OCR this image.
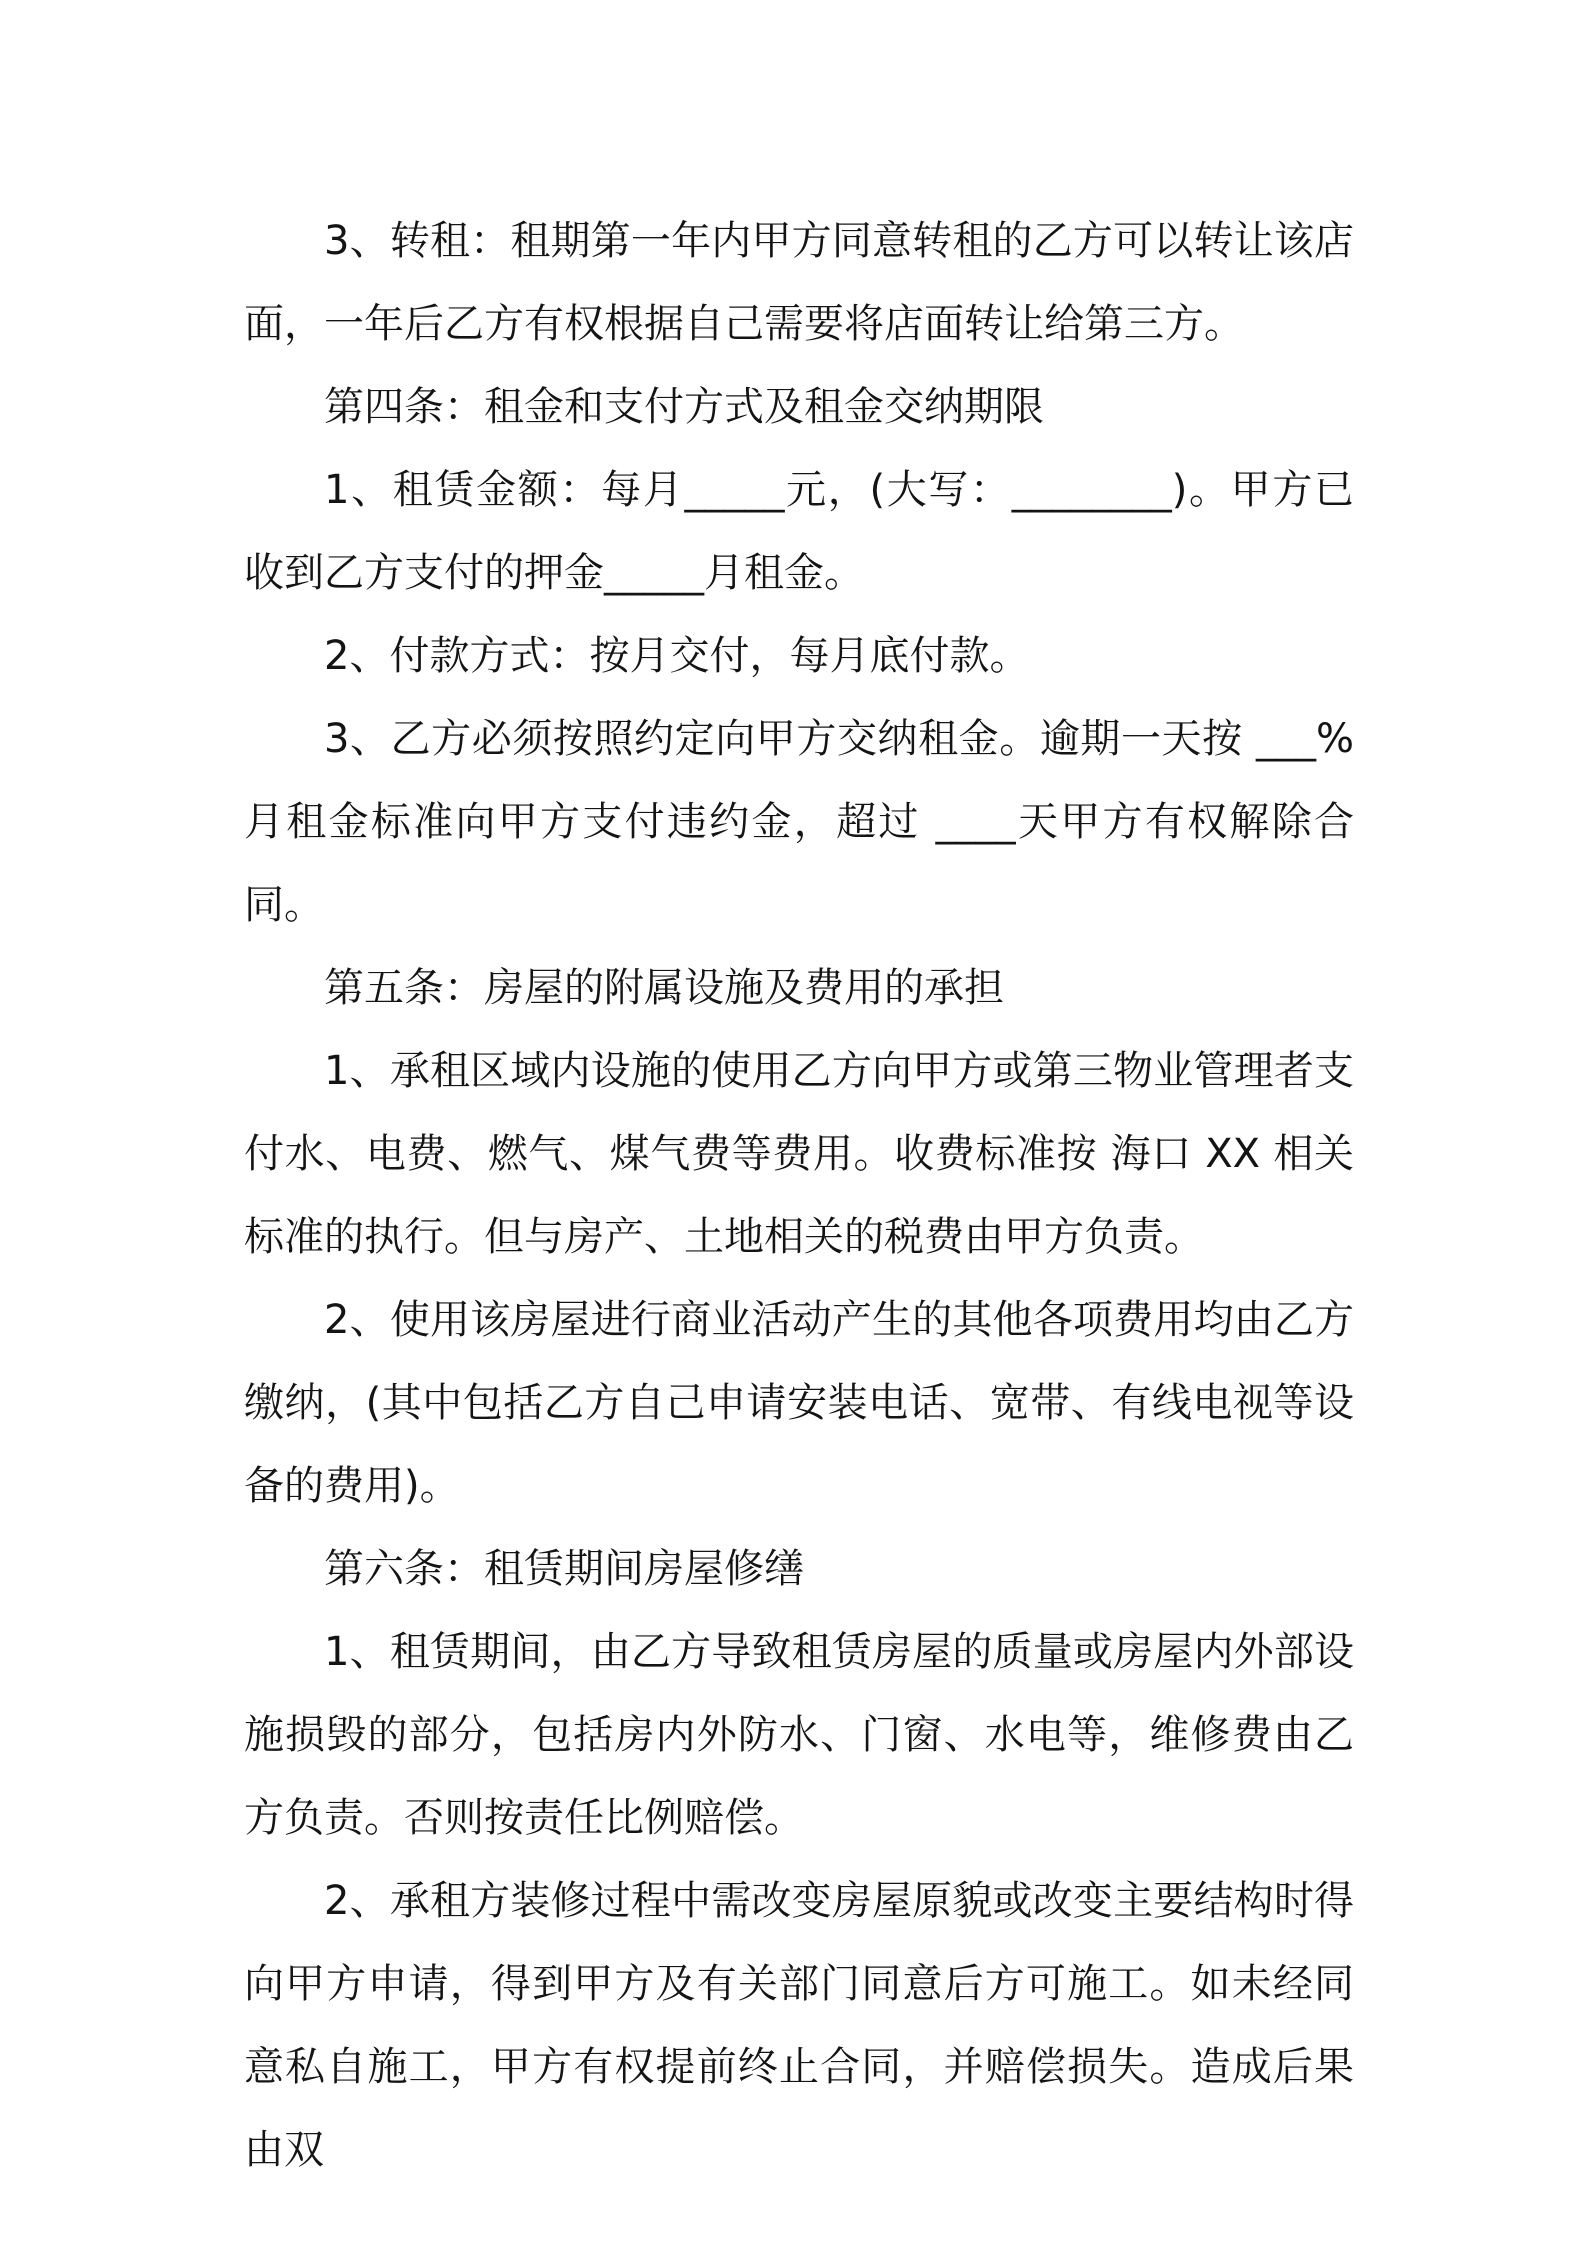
3、转租：租期第一年内甲方同意转租的乙方可以转让该店面，一年后乙方有权根据自己需要将店面转让给第三方。

第四条：租金和支付方式及租金交纳期限

1、租赁金额：每月_____元，(大写：________)。甲方已收到乙方支付的押金_____月租金。

2、付款方式：按月交付，每月底付款。

3、乙方必须按照约定向甲方交纳租金。逾期一天按 ___%月租金标准向甲方支付违约金，超过 ____天甲方有权解除合同。

第五条：房屋的附属设施及费用的承担

1、承租区域内设施的使用乙方向甲方或第三物业管理者支付水、电费、燃气、煤气费等费用。收费标准按 海口 XX 相关标准的执行。但与房产、土地相关的税费由甲方负责。

2、使用该房屋进行商业活动产生的其他各项费用均由乙方缴纳，(其中包括乙方自己申请安装电话、宽带、有线电视等设备的费用)。

第六条：租赁期间房屋修缮

1、租赁期间，由乙方导致租赁房屋的质量或房屋内外部设施损毁的部分，包括房内外防水、门窗、水电等，维修费由乙方负责。否则按责任比例赔偿。

2、承租方装修过程中需改变房屋原貌或改变主要结构时得向甲方申请，得到甲方及有关部门同意后方可施工。如未经同意私自施工，甲方有权提前终止合同，并赔偿损失。造成后果由双
